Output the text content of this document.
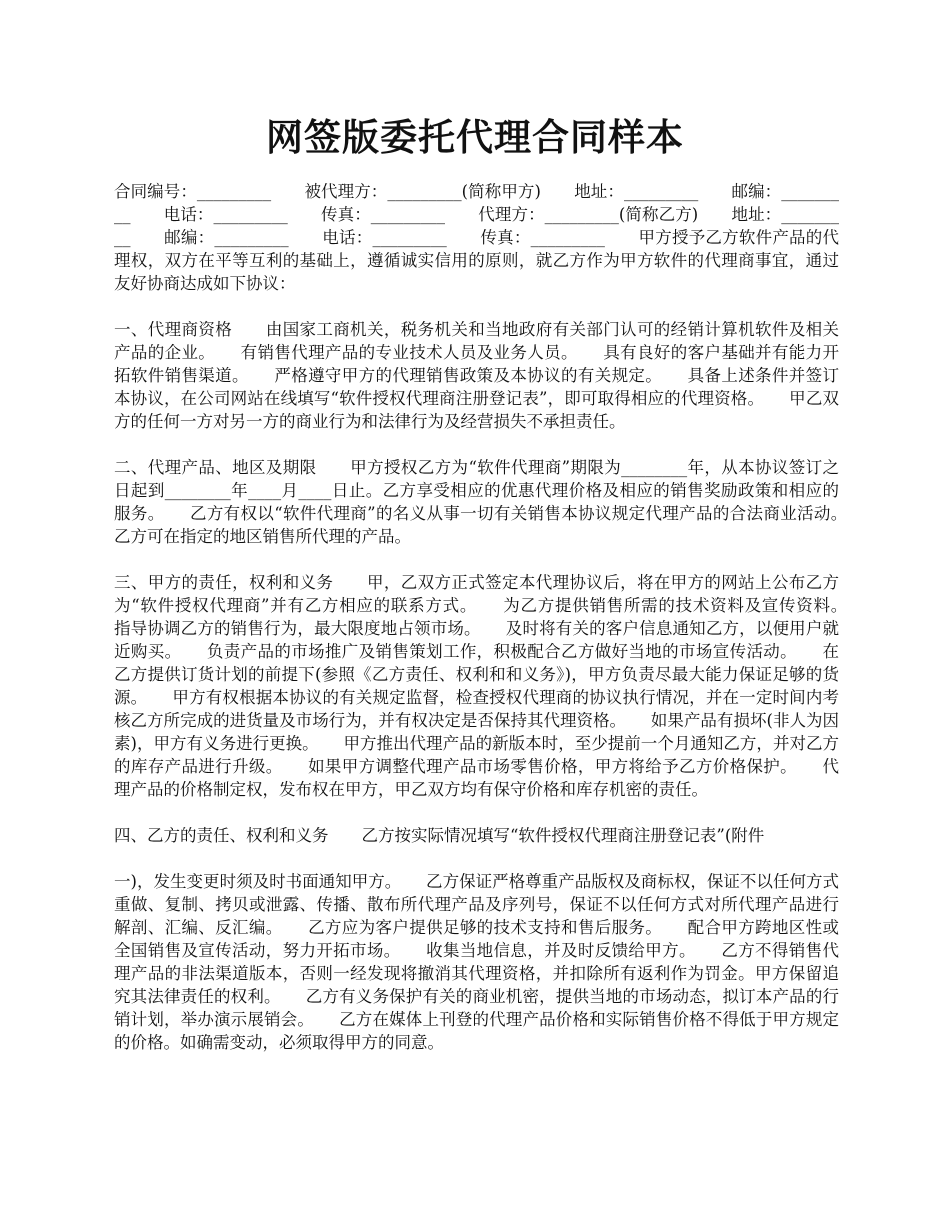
网签版委托代理合同样本

合同编号：_________　　被代理方：_________(简称甲方)　　地址：_________　　邮编：_________　　电话：_________　　传真：_________　　代理方：_________(简称乙方)　　地址：_________　　邮编：_________　　电话：_________　　传真：_________　　甲方授予乙方软件产品的代理权，双方在平等互利的基础上，遵循诚实信用的原则，就乙方作为甲方软件的代理商事宜，通过友好协商达成如下协议：

一、代理商资格　　由国家工商机关，税务机关和当地政府有关部门认可的经销计算机软件及相关产品的企业。　　有销售代理产品的专业技术人员及业务人员。　　具有良好的客户基础并有能力开拓软件销售渠道。　　严格遵守甲方的代理销售政策及本协议的有关规定。　　具备上述条件并签订本协议，在公司网站在线填写“软件授权代理商注册登记表”，即可取得相应的代理资格。　　甲乙双方的任何一方对另一方的商业行为和法律行为及经营损失不承担责任。

二、代理产品、地区及期限　　甲方授权乙方为“软件代理商”期限为________年，从本协议签订之日起到________年____月____日止。乙方享受相应的优惠代理价格及相应的销售奖励政策和相应的服务。　　乙方有权以“软件代理商”的名义从事一切有关销售本协议规定代理产品的合法商业活动。　　乙方可在指定的地区销售所代理的产品。

三、甲方的责任，权利和义务　　甲，乙双方正式签定本代理协议后，将在甲方的网站上公布乙方为“软件授权代理商”并有乙方相应的联系方式。　　为乙方提供销售所需的技术资料及宣传资料。　　指导协调乙方的销售行为，最大限度地占领市场。　　及时将有关的客户信息通知乙方，以便用户就近购买。　　负责产品的市场推广及销售策划工作，积极配合乙方做好当地的市场宣传活动。　　在乙方提供订货计划的前提下(参照《乙方责任、权利和和义务》)，甲方负责尽最大能力保证足够的货源。　　甲方有权根据本协议的有关规定监督，检查授权代理商的协议执行情况，并在一定时间内考核乙方所完成的进货量及市场行为，并有权决定是否保持其代理资格。　　如果产品有损坏(非人为因素)，甲方有义务进行更换。　　甲方推出代理产品的新版本时，至少提前一个月通知乙方，并对乙方的库存产品进行升级。　　如果甲方调整代理产品市场零售价格，甲方将给予乙方价格保护。　　代理产品的价格制定权，发布权在甲方，甲乙双方均有保守价格和库存机密的责任。

四、乙方的责任、权利和义务　　乙方按实际情况填写“软件授权代理商注册登记表”(附件

一)，发生变更时须及时书面通知甲方。　　乙方保证严格尊重产品版权及商标权，保证不以任何方式重做、复制、拷贝或泄露、传播、散布所代理产品及序列号，保证不以任何方式对所代理产品进行解剖、汇编、反汇编。　　乙方应为客户提供足够的技术支持和售后服务。　　配合甲方跨地区性或全国销售及宣传活动，努力开拓市场。　　收集当地信息，并及时反馈给甲方。　　乙方不得销售代理产品的非法渠道版本，否则一经发现将撤消其代理资格，并扣除所有返利作为罚金。甲方保留追究其法律责任的权利。　　乙方有义务保护有关的商业机密，提供当地的市场动态，拟订本产品的行销计划，举办演示展销会。　　乙方在媒体上刊登的代理产品价格和实际销售价格不得低于甲方规定的价格。如确需变动，必须取得甲方的同意。
